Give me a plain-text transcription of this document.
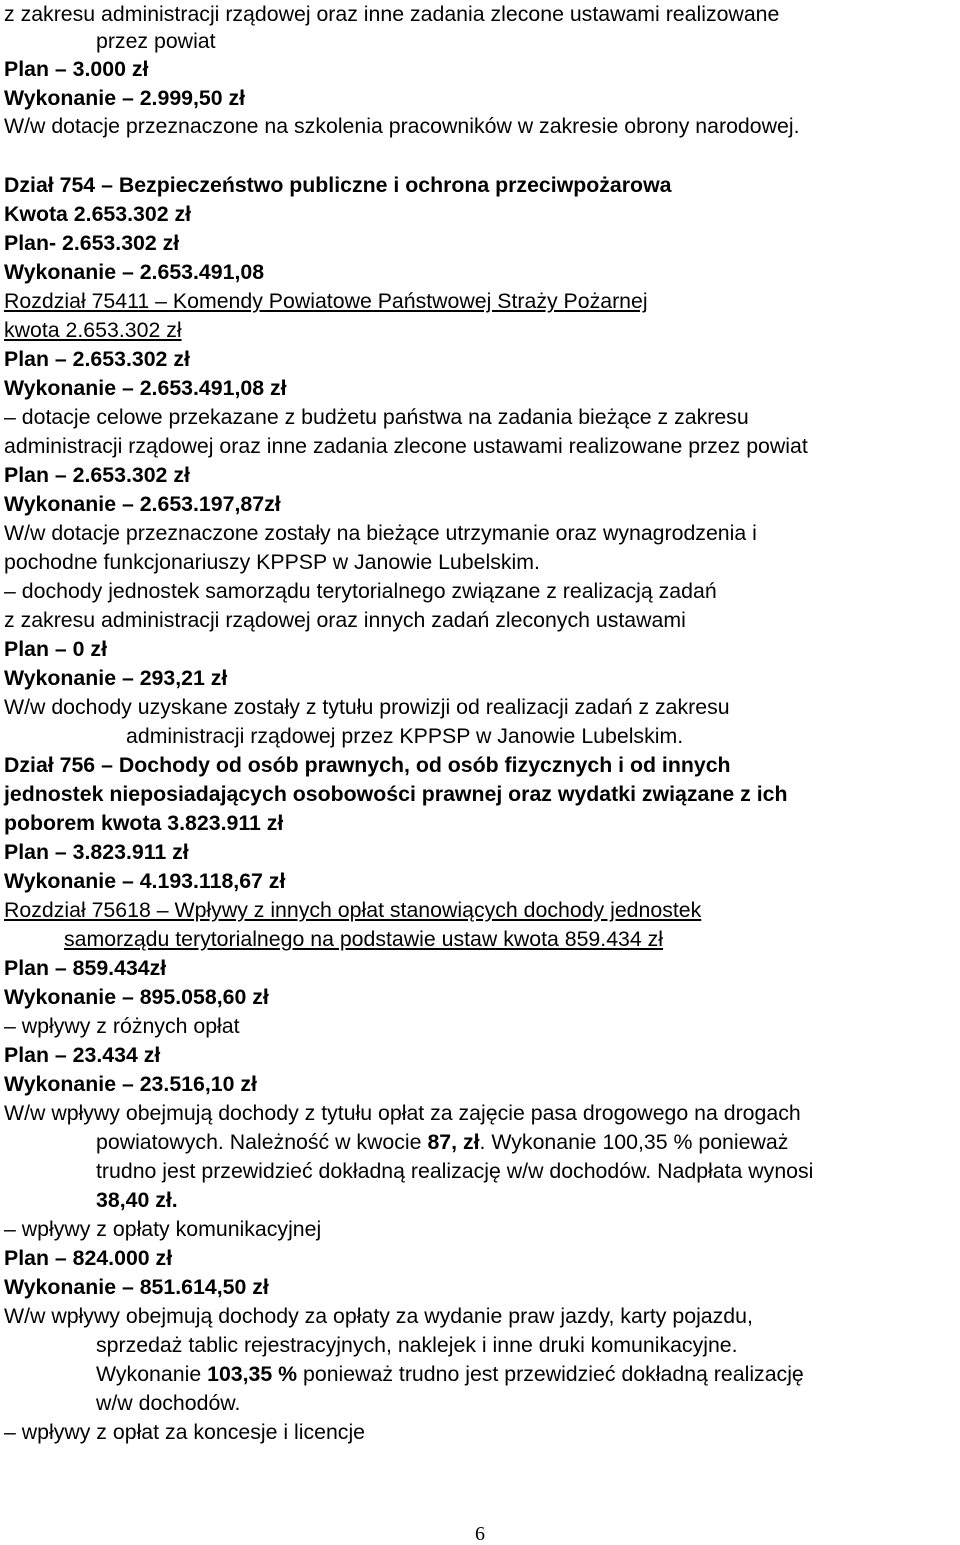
z zakresu administracji rządowej oraz inne zadania zlecone ustawami realizowane
przez powiat
Plan – 3.000 zł
Wykonanie – 2.999,50 zł
W/w dotacje przeznaczone na szkolenia pracowników w zakresie obrony narodowej.
Dział 754 – Bezpieczeństwo publiczne i ochrona przeciwpożarowa
Kwota 2.653.302 zł
Plan- 2.653.302 zł
Wykonanie – 2.653.491,08
Rozdział 75411 – Komendy Powiatowe Państwowej Straży Pożarnej
kwota 2.653.302 zł
Plan – 2.653.302 zł
Wykonanie – 2.653.491,08 zł
– dotacje celowe przekazane z budżetu państwa na zadania bieżące z zakresu
administracji rządowej oraz inne zadania zlecone ustawami realizowane przez powiat
Plan – 2.653.302 zł
Wykonanie – 2.653.197,87zł
W/w dotacje przeznaczone zostały na bieżące utrzymanie oraz wynagrodzenia i
pochodne funkcjonariuszy KPPSP w Janowie Lubelskim.
– dochody jednostek samorządu terytorialnego związane z realizacją zadań
z zakresu administracji rządowej oraz innych zadań zleconych ustawami
Plan – 0 zł
Wykonanie – 293,21 zł
W/w dochody uzyskane zostały z tytułu prowizji od realizacji zadań z zakresu
administracji rządowej przez KPPSP w Janowie Lubelskim.
Dział 756 – Dochody od osób prawnych, od osób fizycznych i od innych
jednostek nieposiadających osobowości prawnej oraz wydatki związane z ich
poborem kwota 3.823.911 zł
Plan – 3.823.911 zł
Wykonanie – 4.193.118,67 zł
Rozdział 75618 – Wpływy z innych opłat stanowiących dochody jednostek
samorządu terytorialnego na podstawie ustaw kwota 859.434 zł
Plan – 859.434zł
Wykonanie – 895.058,60 zł
– wpływy z różnych opłat
Plan – 23.434 zł
Wykonanie – 23.516,10 zł
W/w wpływy obejmują dochody z tytułu opłat za zajęcie pasa drogowego na drogach
powiatowych. Należność w kwocie 87, zł. Wykonanie 100,35 % ponieważ
trudno jest przewidzieć dokładną realizację w/w dochodów. Nadpłata wynosi
38,40 zł.
– wpływy z opłaty komunikacyjnej
Plan – 824.000 zł
Wykonanie – 851.614,50 zł
W/w wpływy obejmują dochody za opłaty za wydanie praw jazdy, karty pojazdu,
sprzedaż tablic rejestracyjnych, naklejek i inne druki komunikacyjne.
Wykonanie 103,35 % ponieważ trudno jest przewidzieć dokładną realizację
w/w dochodów.
– wpływy z opłat za koncesje i licencje
6
